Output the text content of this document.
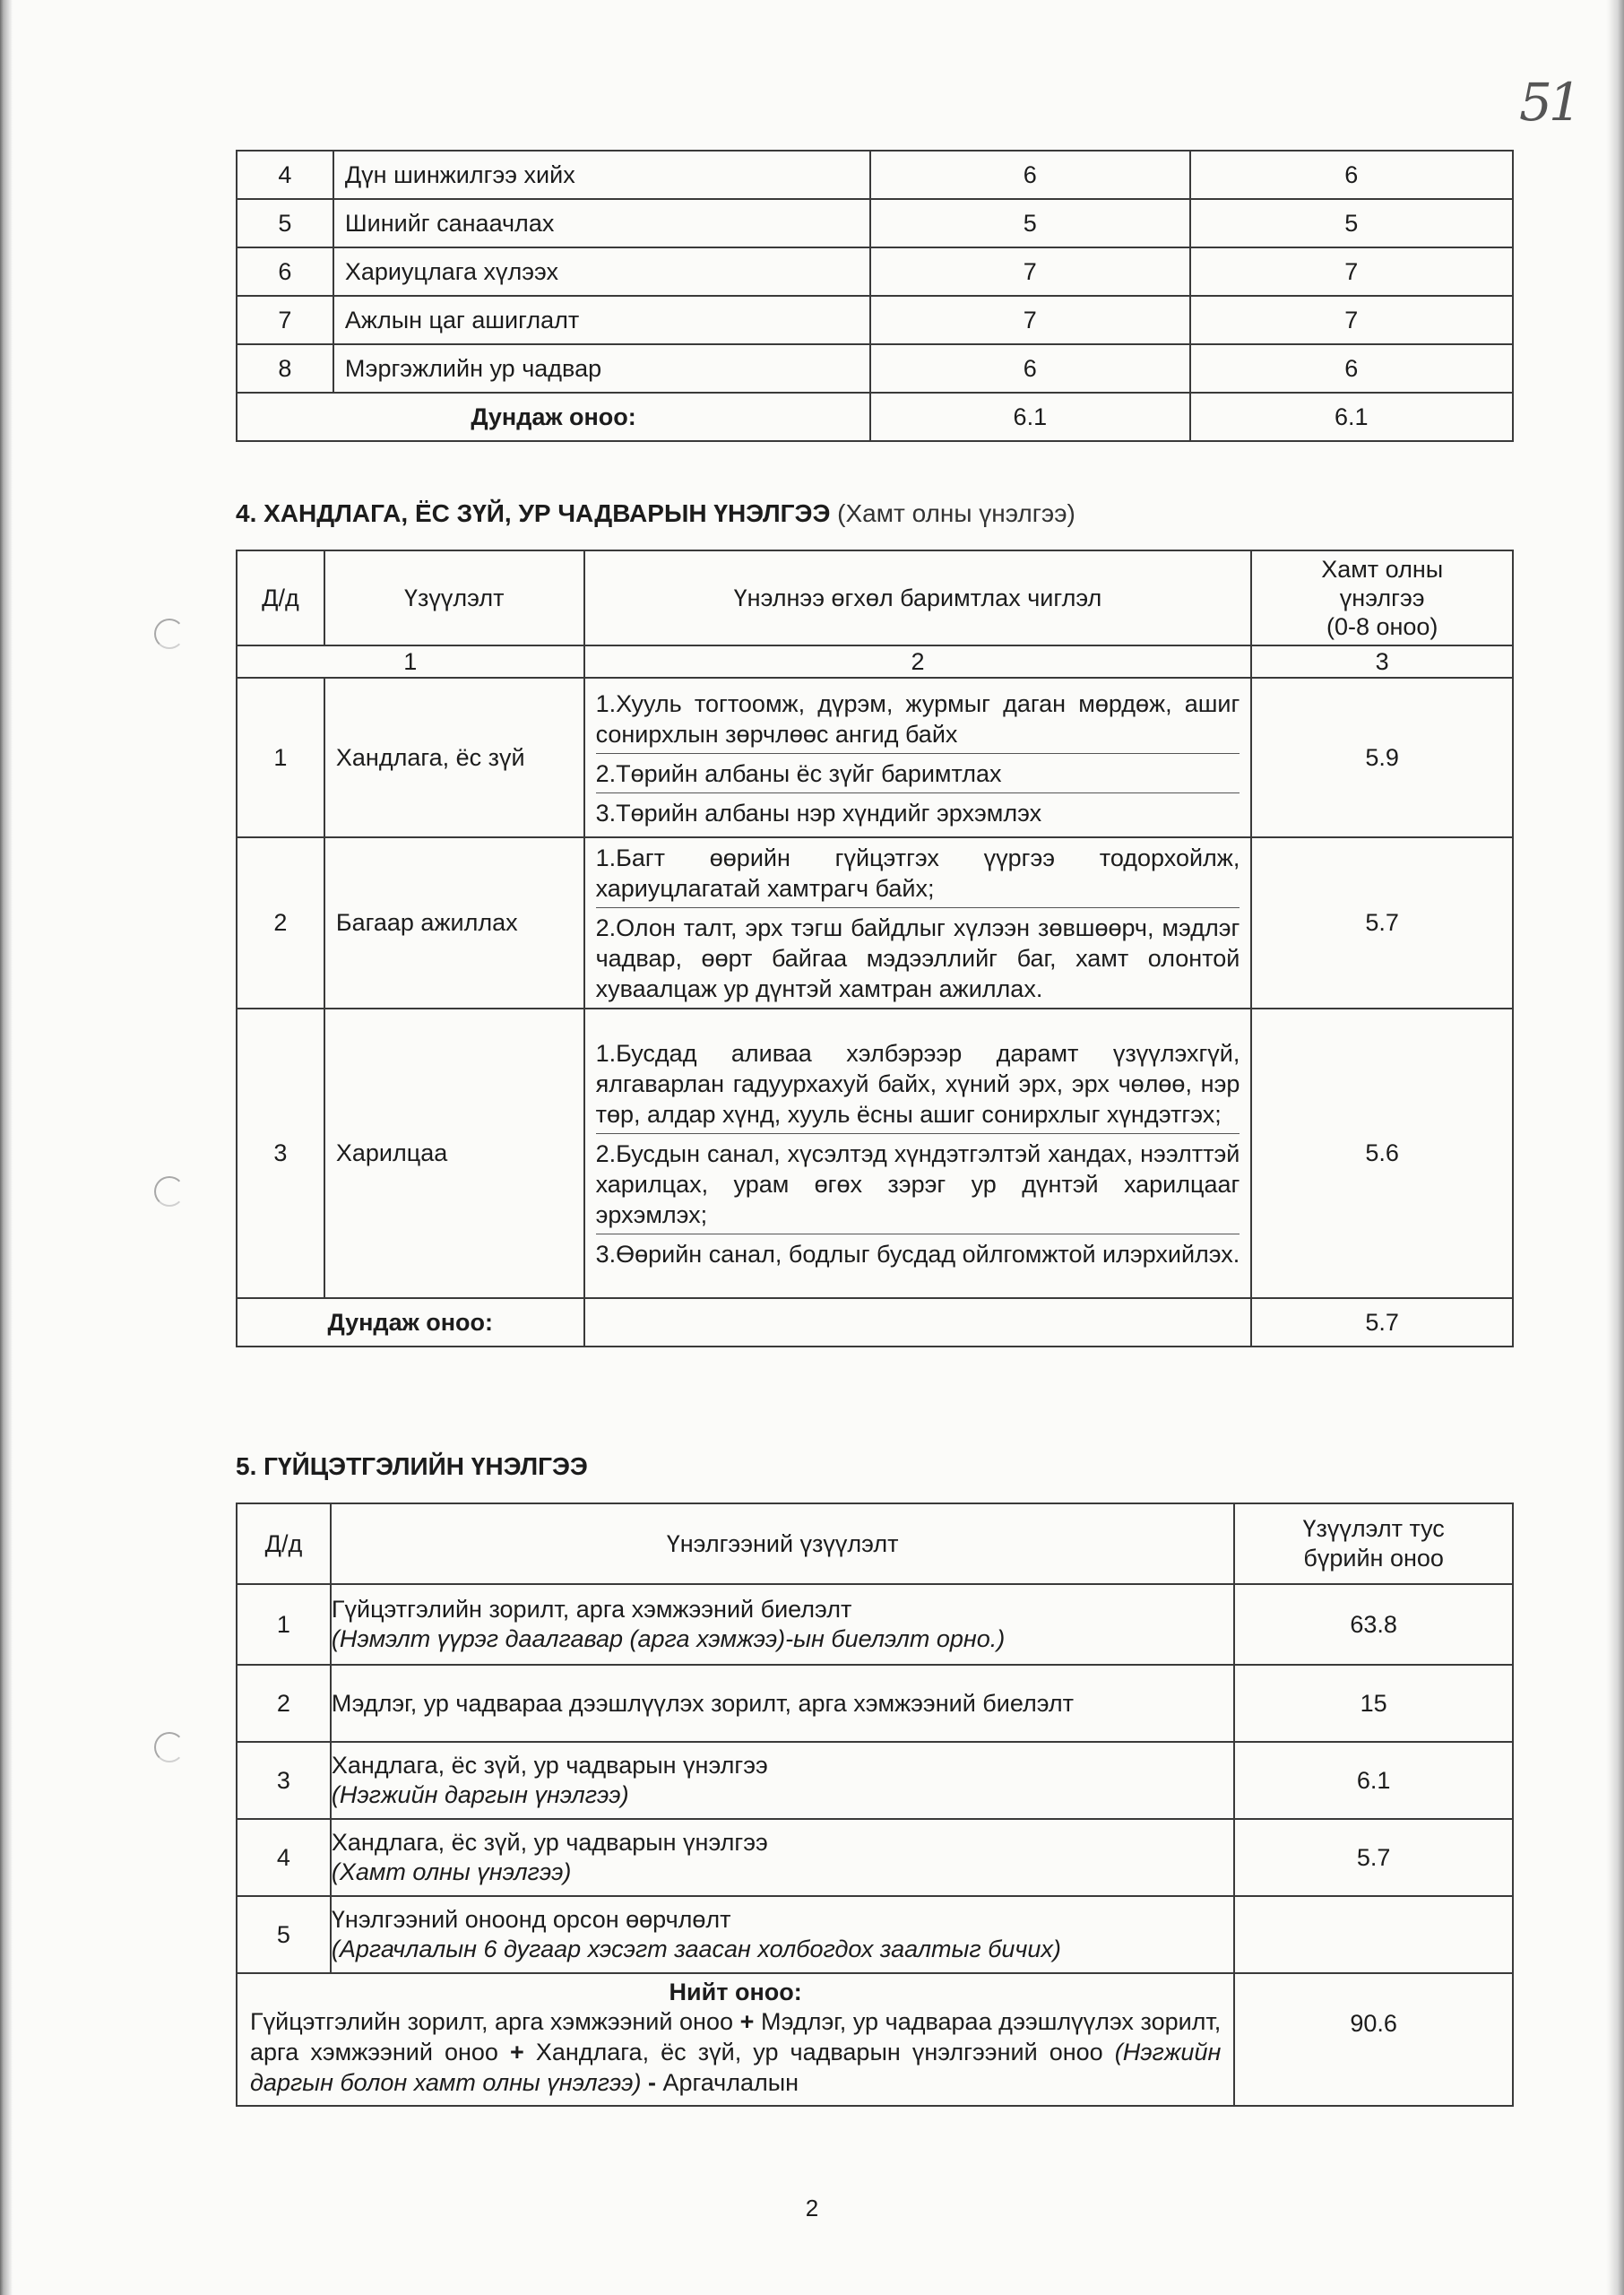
51
4	Дүн шинжилгээ хийх	6	6
5	Шинийг санаачлах	5	5
6	Хариуцлага хүлээх	7	7
7	Ажлын цаг ашиглалт	7	7
8	Мэргэжлийн ур чадвар	6	6
Дундаж оноо:		6.1	6.1
4. ХАНДЛАГА, ЁС ЗҮЙ, УР ЧАДВАРЫН ҮНЭЛГЭЭ (Хамт олны үнэлгээ)
Д/д	Үзүүлэлт	Үнэлнээ өгхөл баримтлах чиглэл	Хамт олны
үнэлгээ
(0-8 оноо)

1		2	3
1	Хандлага, ёс зүй	1.Хууль тогтоомж, дүрэм, журмыг даган мөрдөж, ашиг сонирхлын зөрчлөөс ангид байх
2.Төрийн албаны ёс зүйг баримтлах
3.Төрийн албаны нэр хүндийг эрхэмлэх	5.9
2	Багаар ажиллах	1.Багт өөрийн гүйцэтгэх үүргээ тодорхойлж, хариуцлагатай хамтрагч байх;
2.Олон талт, эрх тэгш байдлыг хүлээн зөвшөөрч, мэдлэг чадвар, өөрт байгаа мэдээллийг баг, хамт олонтой хуваалцаж ур дүнтэй хамтран ажиллах.	5.7
3	Харилцаа	1.Бусдад аливаа хэлбэрээр дарамт үзүүлэхгүй, ялгаварлан гадуурхахуй байх, хүний эрх, эрх чөлөө, нэр төр, алдар хүнд, хууль ёсны ашиг сонирхлыг хүндэтгэх;
2.Бусдын санал, хүсэлтэд хүндэтгэлтэй хандах, нээлттэй харилцах, урам өгөх зэрэг ур дүнтэй харилцааг эрхэмлэх;
3.Өөрийн санал, бодлыг бусдад ойлгомжтой илэрхийлэх.	5.6
Дундаж оноо:			5.7
5. ГҮЙЦЭТГЭЛИЙН ҮНЭЛГЭЭ
Д/д	Үнэлгээний үзүүлэлт	Үзүүлэлт тус
бүрийн оноо

1	Гүйцэтгэлийн зорилт, арга хэмжээний биелэлт
(Нэмэлт үүрэг даалгавар (арга хэмжээ)-ын биелэлт орно.)	63.8
2	Мэдлэг, ур чадвараа дээшлүүлэх зорилт, арга хэмжээний биелэлт	15
3	Хандлага, ёс зүй, ур чадварын үнэлгээ
(Нэгжийн даргын үнэлгээ)	6.1
4	Хандлага, ёс зүй, ур чадварын үнэлгээ
(Хамт олны үнэлгээ)	5.7
5	Үнэлгээний оноонд орсон өөрчлөлт
(Аргачлалын 6 дугаар хэсэгт заасан холбогдох заалтыг бичих)	

Нийт оноо:
Гүйцэтгэлийн зорилт, арга хэмжээний оноо + Мэдлэг, ур чадвараа дээшлүүлэх зорилт, арга хэмжээний оноо + Хандлага, ёс зүй, ур чадварын үнэлгээний оноо (Нэгжийн даргын болон хамт олны үнэлгээ) - Аргачлалын		90.6
2
